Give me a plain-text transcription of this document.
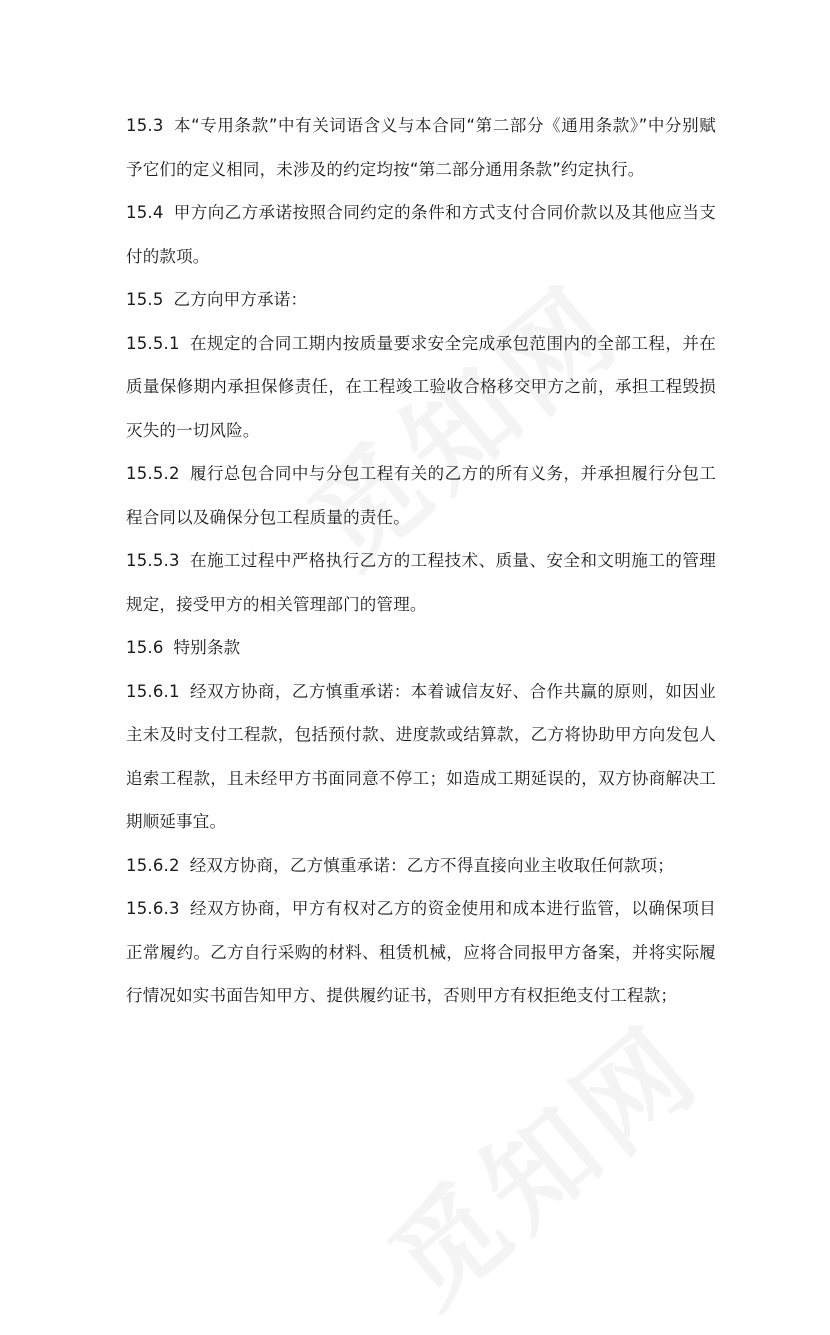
15.3 本“专用条款”中有关词语含义与本合同“第二部分《通用条款》”中分别赋予它们的定义相同，未涉及的约定均按“第二部分通用条款”约定执行。

15.4 甲方向乙方承诺按照合同约定的条件和方式支付合同价款以及其他应当支付的款项。

15.5 乙方向甲方承诺：

15.5.1 在规定的合同工期内按质量要求安全完成承包范围内的全部工程，并在质量保修期内承担保修责任，在工程竣工验收合格移交甲方之前，承担工程毁损灭失的一切风险。

15.5.2 履行总包合同中与分包工程有关的乙方的所有义务，并承担履行分包工程合同以及确保分包工程质量的责任。

15.5.3 在施工过程中严格执行乙方的工程技术、质量、安全和文明施工的管理规定，接受甲方的相关管理部门的管理。

15.6 特别条款

15.6.1 经双方协商，乙方慎重承诺：本着诚信友好、合作共赢的原则，如因业主未及时支付工程款，包括预付款、进度款或结算款，乙方将协助甲方向发包人追索工程款，且未经甲方书面同意不停工；如造成工期延误的，双方协商解决工期顺延事宜。

15.6.2 经双方协商，乙方慎重承诺：乙方不得直接向业主收取任何款项；

15.6.3 经双方协商，甲方有权对乙方的资金使用和成本进行监管，以确保项目正常履约。乙方自行采购的材料、租赁机械，应将合同报甲方备案，并将实际履行情况如实书面告知甲方、提供履约证书，否则甲方有权拒绝支付工程款；
